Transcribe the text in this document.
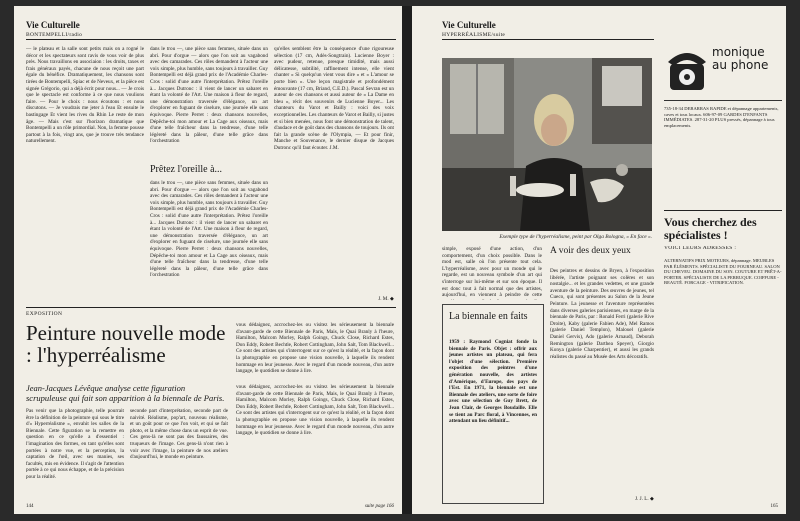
Vie Culturelle
BONTEMPELLI/radio
— le plateau et la salle sont petits mais on a rogné le décor et les spectateurs sont ravis de vous voir de plus près. Nous travaillons en associaion : les droits, taxes et frais généraux payés, chacune de nous reçoit une part égale du bénéfice. Dramatiquement, les chansons sont tirées de Bontempelli, Spiac et de Neveux, et la pièce est signée Grégorio, qui a déjà écrit pour nous... — Je crois que le spectacle est conforme à ce que nous voulions faire. — Pour le choix : nous écoutons : et nous discutons. — Je voudrais me jeter à l'eau Et ensuite le bastingage Et vient les rives du Rhin Le reste de mon âge. — Mais c'est sur l'horizon dramatique que Bontempelli a un rôle primordial. Non, la femme pousse partout à la fois, vingt ans, que je trouve très tendance naturellement.
dans le trou —, une pièce sans femmes, située dans un abri. Pour d'orgue — alors que l'on soit au vagabond avec des camarades. Ces rôles demandent à l'acteur une voix simple, plus humble, sans toujours à travailler. Guy Bontempelli est déjà grand prix de l'Académie Charles-Cros : solid d'une autre l'interprétation. Prêtez l'oreille à... Jacques Dutronc : il vient de lancer un sabaret en étant la volonté de l'Art. Une maison à fleur de regard, une démonstration traversée d'élégance, un art d'explorer en fuguant de ciselure, une journée elle sans équivoque. Pierre Perret : deux chansons nouvelles, Dépêche-toi mon amour et La Cage aux oiseaux, mais d'une telle fraîcheur dans la tendresse, d'une telle légèreté dans la pâleur, d'une telle grâce dans l'orchestration
Prêtez l'oreille à...
dans le trou —, une pièce sans femmes, située dans un abri. Pour d'orgue — alors que l'on soit au vagabond avec des camarades. Ces rôles demandent à l'acteur une voix simple, plus humble, sans toujours à travailler. Guy Bontempelli est déjà grand prix de l'Académie Charles-Cros : solid d'une autre l'interprétation. Prêtez l'oreille à... Jacques Dutronc : il vient de lancer un sabaret en étant la volonté de l'Art. Une maison à fleur de regard, une démonstration traversée d'élégance, un art d'explorer en fuguant de ciselure, une journée elle sans équivoque. Pierre Perret : deux chansons nouvelles, Dépêche-toi mon amour et La Cage aux oiseaux, mais d'une telle fraîcheur dans la tendresse, d'une telle légèreté dans la pâleur, d'une telle grâce dans l'orchestration
qu'elles semblent être la conséquence d'une rigoureuse sélection (17 cm, Adès-Songtrain). Lucienne Boyer : avec pudeur, retenue, presque timidité, mais aussi délicatesse, subtilité, raffinement intense, elle vient chanter « Si quelqu'un vient vous dire » et « L'amour se porte bien ». Une leçon magistrale et profondément émouvante (17 cm, Briand, C.E.D.). Pascal Sevran est un auteur de ces chansons et aussi auteur de « La Dame en bleu », récit des souvenirs de Lucienne Boyer... Les chanteurs du Varot et Bailly : voici des voix exceptionnelles. Les chanteurs de Varot et Bailly, si justes et si bien menées, nous font une démonstration de talent, d'audace et de goût dans des chansons de toujours. Ils ont fait la grande scène de l'Olympia, — Et pour finir, Manche et Souvenance, le dernier disque de Jacques Dutronc qu'il faut écouter. J.M.
J. M. ◆
EXPOSITION
Peinture nouvelle mode : l'hyperréalisme
vous dédaignez, accrochez-les ou visitez les sérieusement la biennale d'avant-garde de cette Biennale de Paris, Mais, le Quai Branly à l'heure, Hamilton, Malcom Morley, Ralph Goings, Chuck Close, Richard Estes, Don Eddy, Robert Bechtle, Robert Cottingham, John Salt, Tom Blackwell... Ce sont des artistes qui s'interrogent sur ce qu'est la réalité, et la façon dont la photographie en propose une vision nouvelle, à laquelle ils rendent hommage en leur jeunesse. Avec le regard d'un monde nouveau, d'un autre langage, le quotidien se donne à lire.
Jean-Jacques Lévêque analyse cette figuration scrupuleuse qui fait son apparition à la biennale de Paris.
Pas venir que la photographie, telle pourrait être la définition de la peinture qui sous le titre d'« Hyperréalisme », envahit les salles de la Biennale. Cette figuration se la remettre en question en ce qu'elle a d'essentiel : l'imagination des formes, en tant qu'elles sont portées à notre vue, et la perception, la captation de l'œil, avec ses manies, ses facultés, mis en évidence. Il s'agit de l'attention portée à ce qui nous échappe, et de la précision pour la réalité.
seconde part d'interprétation, seconde part de naivité. Réalisme, pop'art, nouveau réalisme, et un goût pour ce que l'on voit, et qui se fait photo, et la même chose dans un esprit de vue. Ces gens-là ne sont pas des faussaires, des truqueurs de l'image. Ces gens-là n'ont rien à voir avec l'image, la peinture de nos ateliers d'aujourd'hui, le monde en peinture.
vous dédaignez, accrochez-les ou visitez les sérieusement la biennale d'avant-garde de cette Biennale de Paris, Mais, le Quai Branly à l'heure, Hamilton, Malcom Morley, Ralph Goings, Chuck Close, Richard Estes, Don Eddy, Robert Bechtle, Robert Cottingham, John Salt, Tom Blackwell... Ce sont des artistes qui s'interrogent sur ce qu'est la réalité, et la façon dont la photographie en propose une vision nouvelle, à laquelle ils rendent hommage en leur jeunesse. Avec le regard d'un monde nouveau, d'un autre langage, le quotidien se donne à lire.
suite page 166
144
Vie Culturelle
HYPERRÉALISME/suite
Exemple type de l'hyperréalisme, peint par Olga Bologna, « En face ».
simple, exposé d'une action, d'un comportement, d'un choix possible. Dans le mod est, salle où l'on présente tout cela. L'hyperréalisme, avec pour un monde qui le regarde, est un nouveau symbole d'un art qui s'interroge sur lui-même et sur son époque. Il est donc tout à fait normal que des artistes, aujourd'hui, en viennent à peindre de cette
La biennale en faits
1959 : Raymond Cogniat fonde la biennale de Paris. Objet : offrir aux jeunes artistes un plateau, qui fera l'objet d'une sélection. Première exposition des peintres d'une génération nouvelle, des artistes d'Amérique, d'Europe, des pays de l'Est. En 1971, la biennale est une Biennale des ateliers, une sorte de foire avec une sélection de Guy Brett, de Jean Clair, de Georges Boudaille. Elle se tient au Parc floral, à Vincennes, en attendant un lieu définitif...
A voir des deux yeux
Des peintres et dessins de Bryen, à l'exposition libérée, l'artiste poignant ses colères et son nostalgie... et les grandes vedettes, et une grande aventure de la peinture. Des œuvres de jeunes, tel Cueco, qui sont présentes au Salon de la Jeune Peinture. La jeunesse et l'aventure représentées dans diverses galeries parisiennes, en marge de la biennale de Paris, par : Ronald Ferri (galerie Rive Droite), Kaby (galerie Fabien Ade), Mel Ramos (galerie Daniel Templon), Malouel (galerie Daniel Gervis), Ado (galerie Arnaud), Deborah Remington (galerie Darthea Speyer), Giorgio Konya (galerie Charpentier), et aussi les grands réalistes du passé au Musée des Arts décoratifs.
J. J. L. ◆
monique au phone
735-18-34 DEBARRAS RAPIDE et dépannage appartements, caves et tous locaux. 606-97-09 GARDES D'ENFANTS IMMÉDIATES. 287-31-20 PLUS pressés, dépannage à tous emplacements.
Vous cherchez des spécialistes !
VOICI LEURS ADRESSES :
ALTERNATIFS PRIX MOTEURS, dépannage. MEUBLES PAR ÉLÉMENTS. SPÉCIALISTE DU FOURNEAU. SALON DU CHEVEU. DOMAINE DU SON. COUTURE ET PRÊT-A-PORTER. SPÉCIALISTE DE LA PERRUQUE. COIFFURE - BEAUTÉ. FORCAGE - VITRIFICATION.
165
